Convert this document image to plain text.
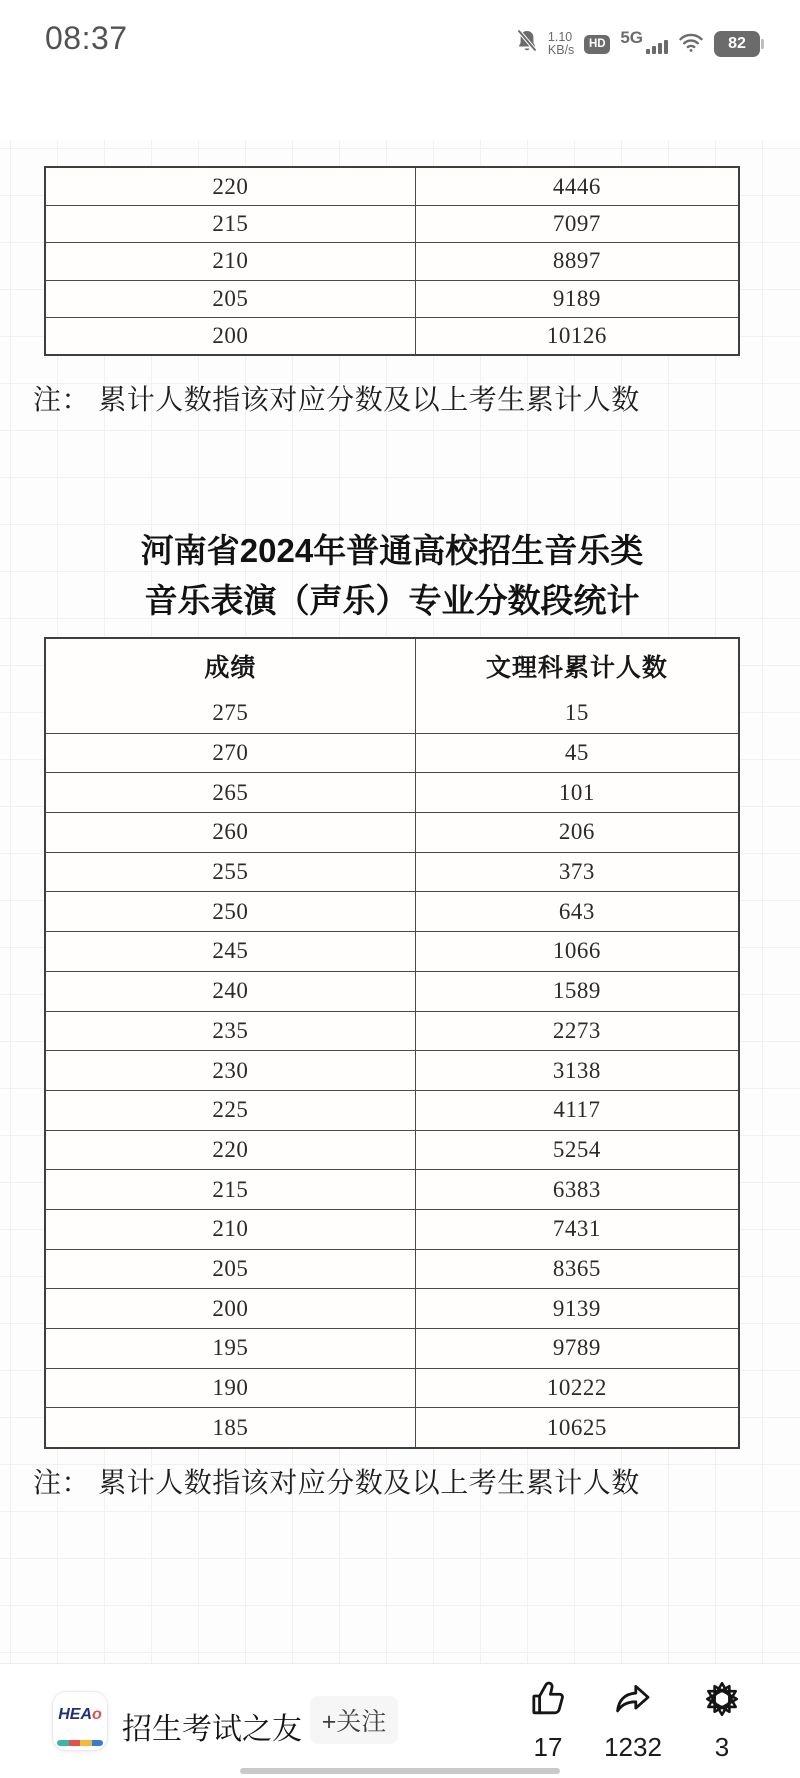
08:37	1.10
KB/s	HD 5G	82
220	4446
215	7097
210	8897
205	9189
200	10126
注： 累计人数指该对应分数及以上考生累计人数
河南省2024年普通高校招生音乐类
音乐表演（声乐）专业分数段统计
成绩	文理科累计人数
275	15
270	45
265	101
260	206
255	373
250	643
245	1066
240	1589
235	2273
230	3138
225	4117
220	5254
215	6383
210	7431
205	8365
200	9139
195	9789
190	10222
185	10625
注： 累计人数指该对应分数及以上考生累计人数
HEAo 招生考试之友 +关注
17 1232 3
